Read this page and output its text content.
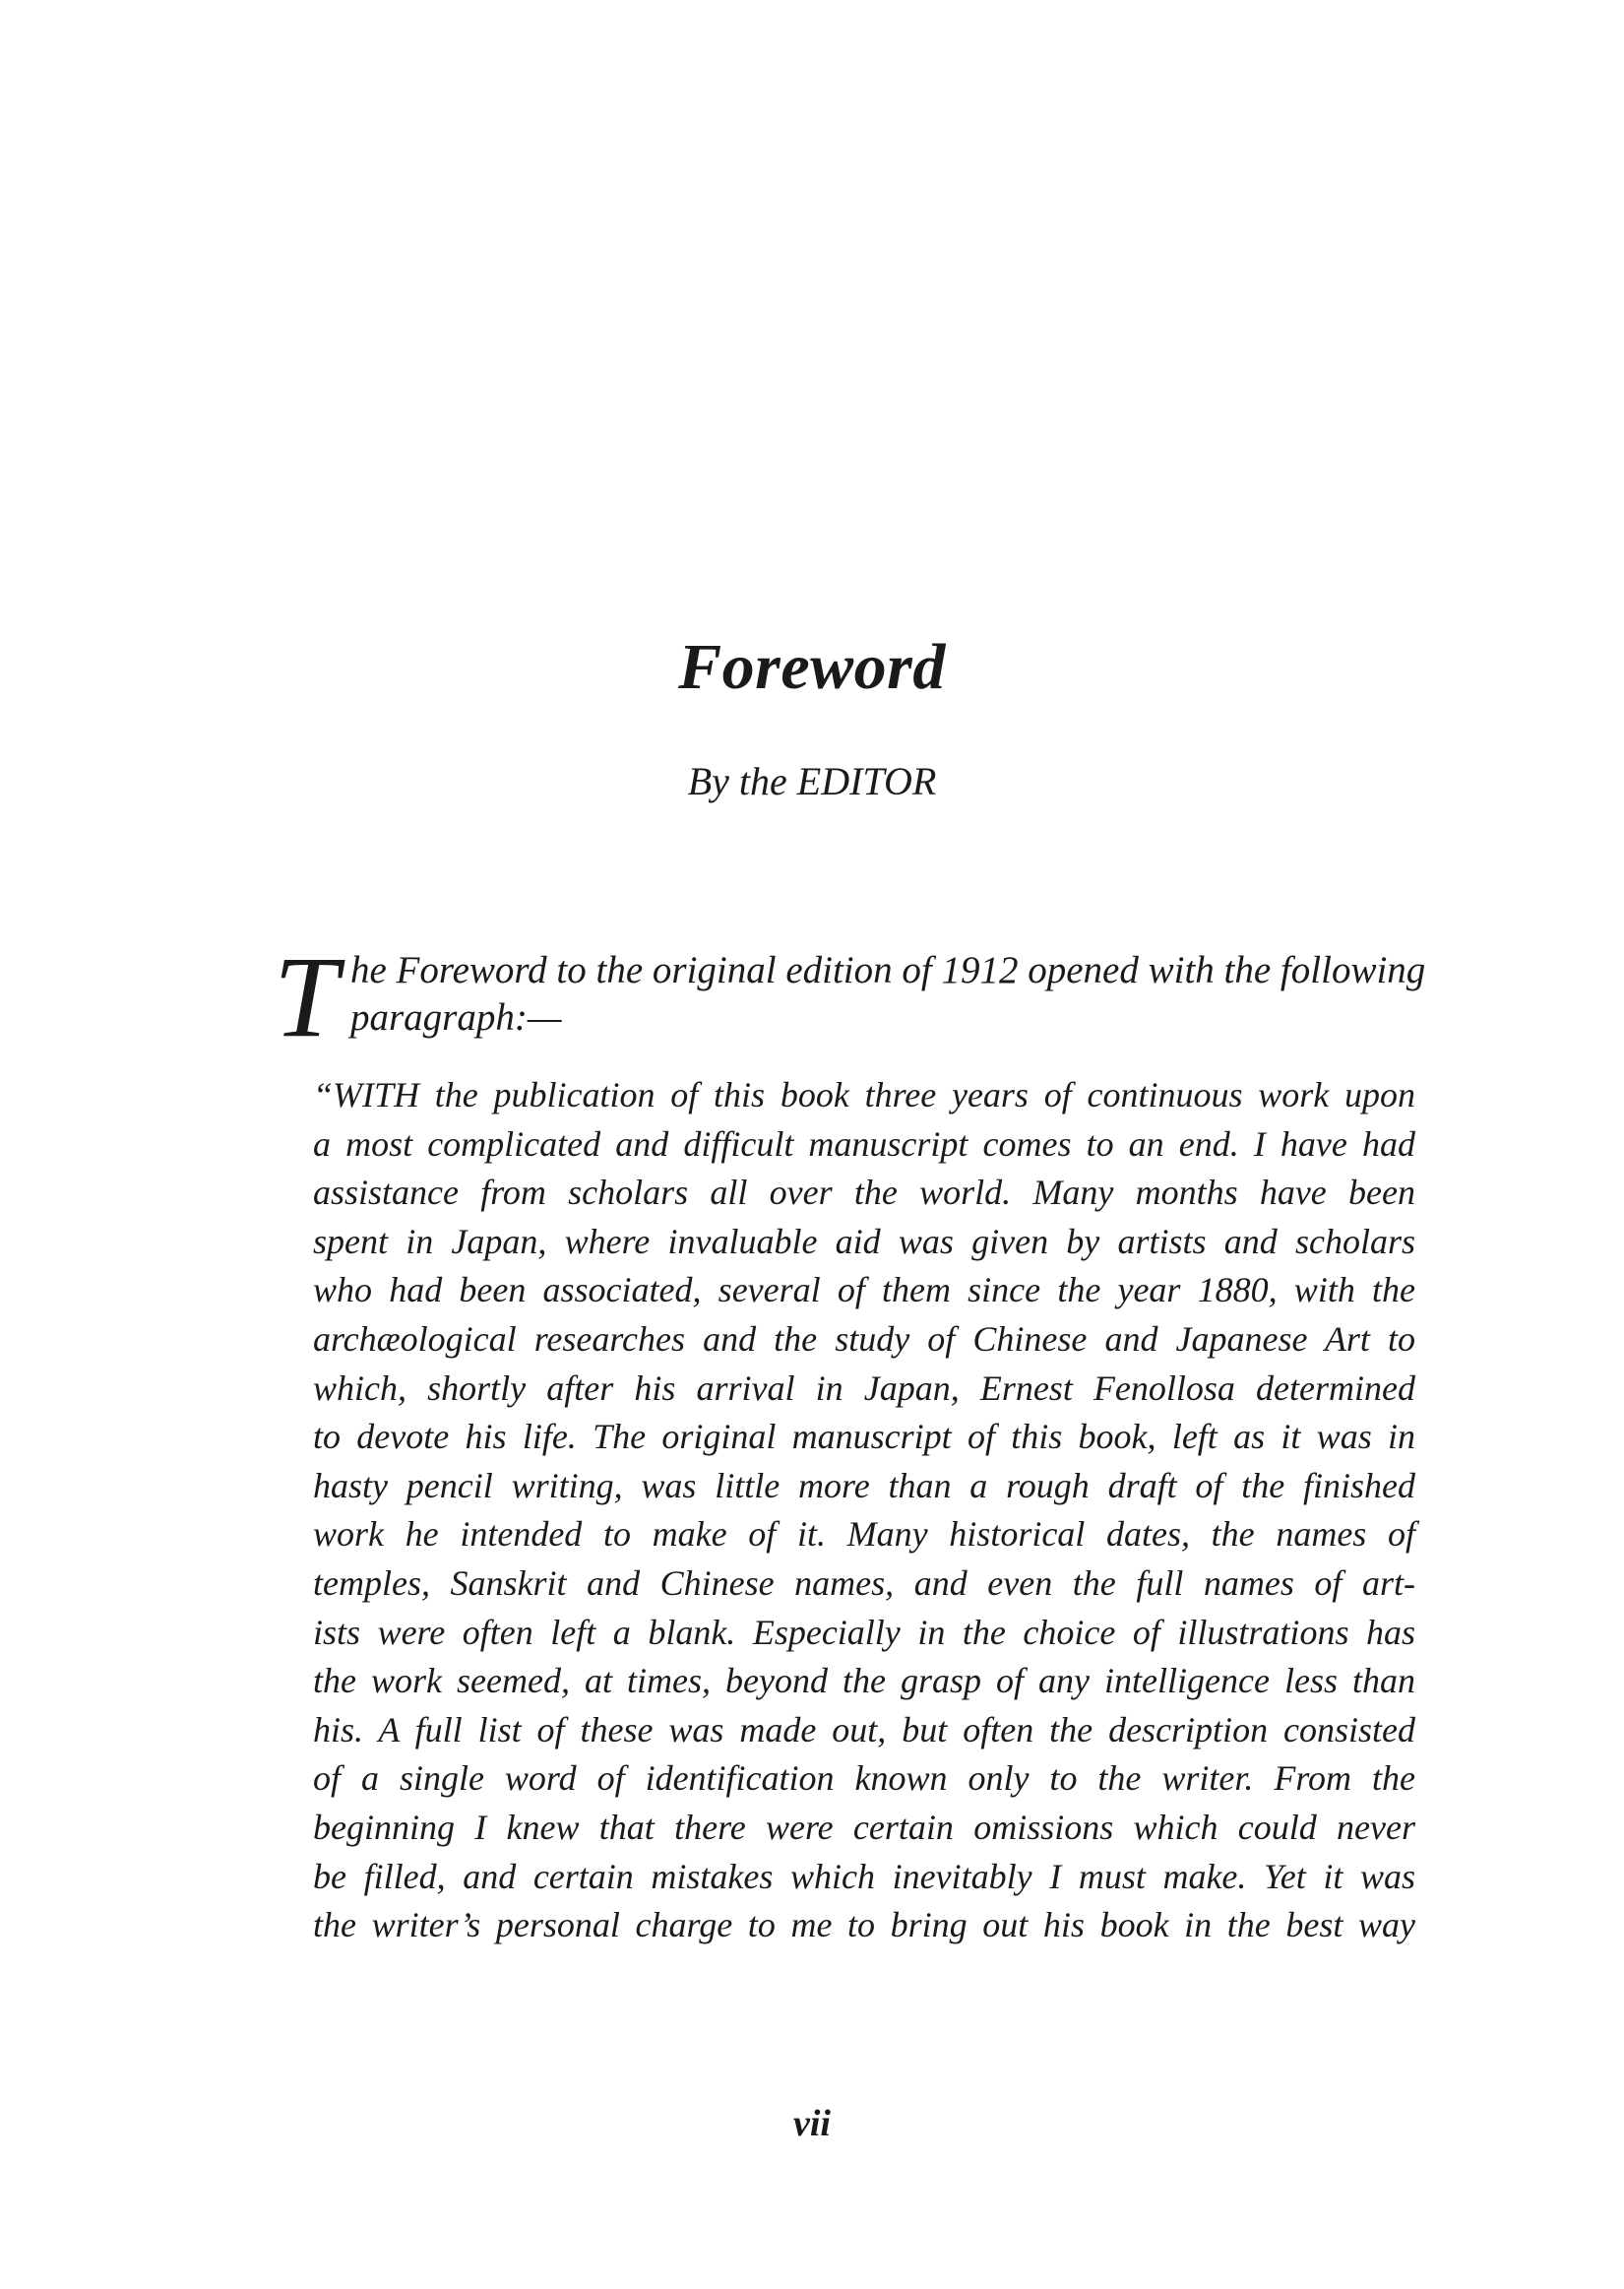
Foreword
By the EDITOR
T he Foreword to the original edition of 1912 opened with the following
paragraph:—
“WITH the publication of this book three years of continuous work upon
a most complicated and difficult manuscript comes to an end. I have had
assistance from scholars all over the world. Many months have been
spent in Japan, where invaluable aid was given by artists and scholars
who had been associated, several of them since the year 1880, with the
archæological researches and the study of Chinese and Japanese Art to
which, shortly after his arrival in Japan, Ernest Fenollosa determined
to devote his life. The original manuscript of this book, left as it was in
hasty pencil writing, was little more than a rough draft of the finished
work he intended to make of it. Many historical dates, the names of
temples, Sanskrit and Chinese names, and even the full names of art-
ists were often left a blank. Especially in the choice of illustrations has
the work seemed, at times, beyond the grasp of any intelligence less than
his. A full list of these was made out, but often the description consisted
of a single word of identification known only to the writer. From the
beginning I knew that there were certain omissions which could never
be filled, and certain mistakes which inevitably I must make. Yet it was
the writer’s personal charge to me to bring out his book in the best way
vii
